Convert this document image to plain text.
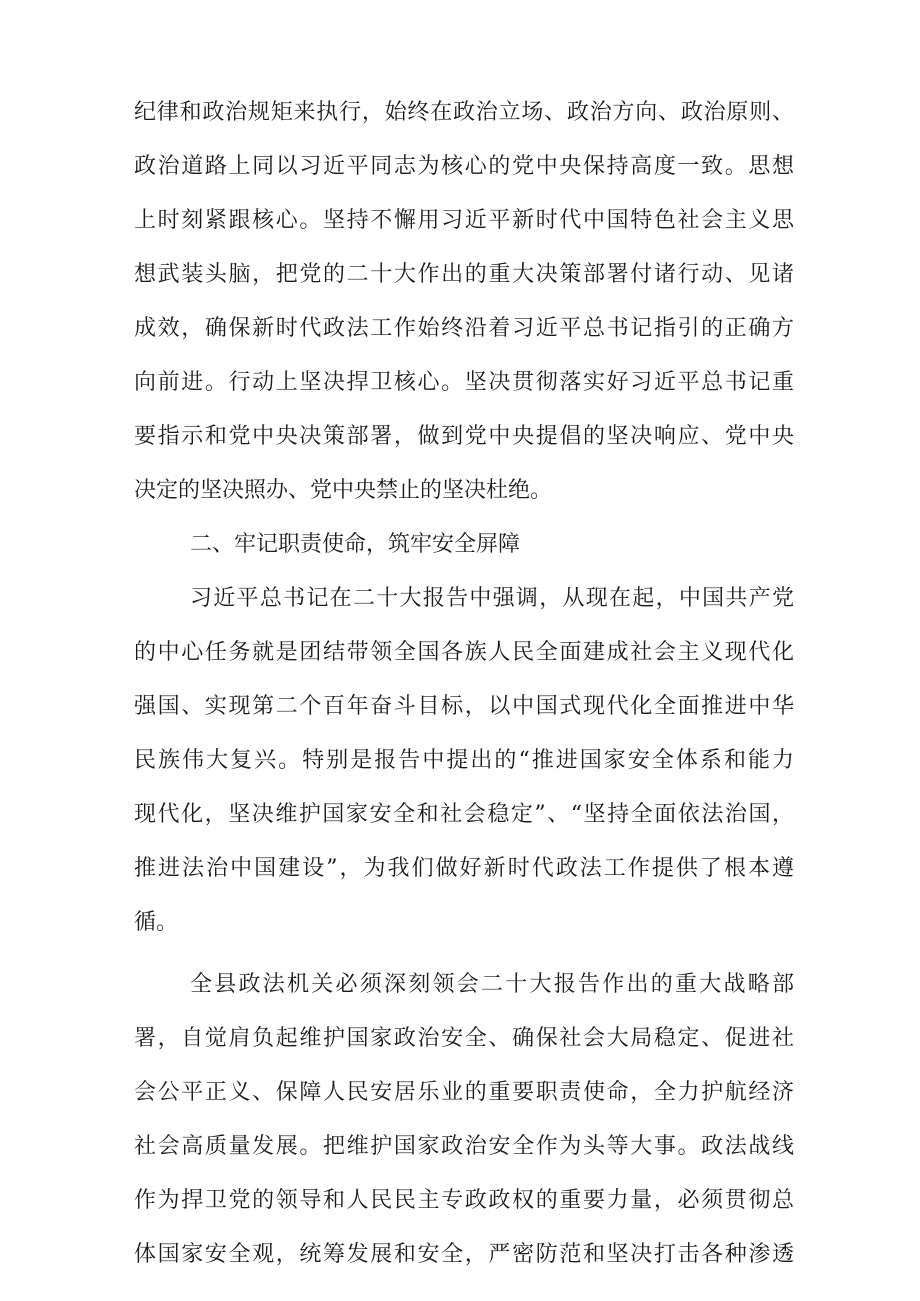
纪律和政治规矩来执行，始终在政治立场、政治方向、政治原则、
政治道路上同以习近平同志为核心的党中央保持高度一致。思想
上时刻紧跟核心。坚持不懈用习近平新时代中国特色社会主义思
想武装头脑，把党的二十大作出的重大决策部署付诸行动、见诸
成效，确保新时代政法工作始终沿着习近平总书记指引的正确方
向前进。行动上坚决捍卫核心。坚决贯彻落实好习近平总书记重
要指示和党中央决策部署，做到党中央提倡的坚决响应、党中央
决定的坚决照办、党中央禁止的坚决杜绝。
二、牢记职责使命，筑牢安全屏障
习近平总书记在二十大报告中强调，从现在起，中国共产党
的中心任务就是团结带领全国各族人民全面建成社会主义现代化
强国、实现第二个百年奋斗目标，以中国式现代化全面推进中华
民族伟大复兴。特别是报告中提出的“推进国家安全体系和能力
现代化，坚决维护国家安全和社会稳定”、“坚持全面依法治国，
推进法治中国建设”，为我们做好新时代政法工作提供了根本遵
循。
全县政法机关必须深刻领会二十大报告作出的重大战略部
署，自觉肩负起维护国家政治安全、确保社会大局稳定、促进社
会公平正义、保障人民安居乐业的重要职责使命，全力护航经济
社会高质量发展。把维护国家政治安全作为头等大事。政法战线
作为捍卫党的领导和人民民主专政政权的重要力量，必须贯彻总
体国家安全观，统筹发展和安全，严密防范和坚决打击各种渗透
